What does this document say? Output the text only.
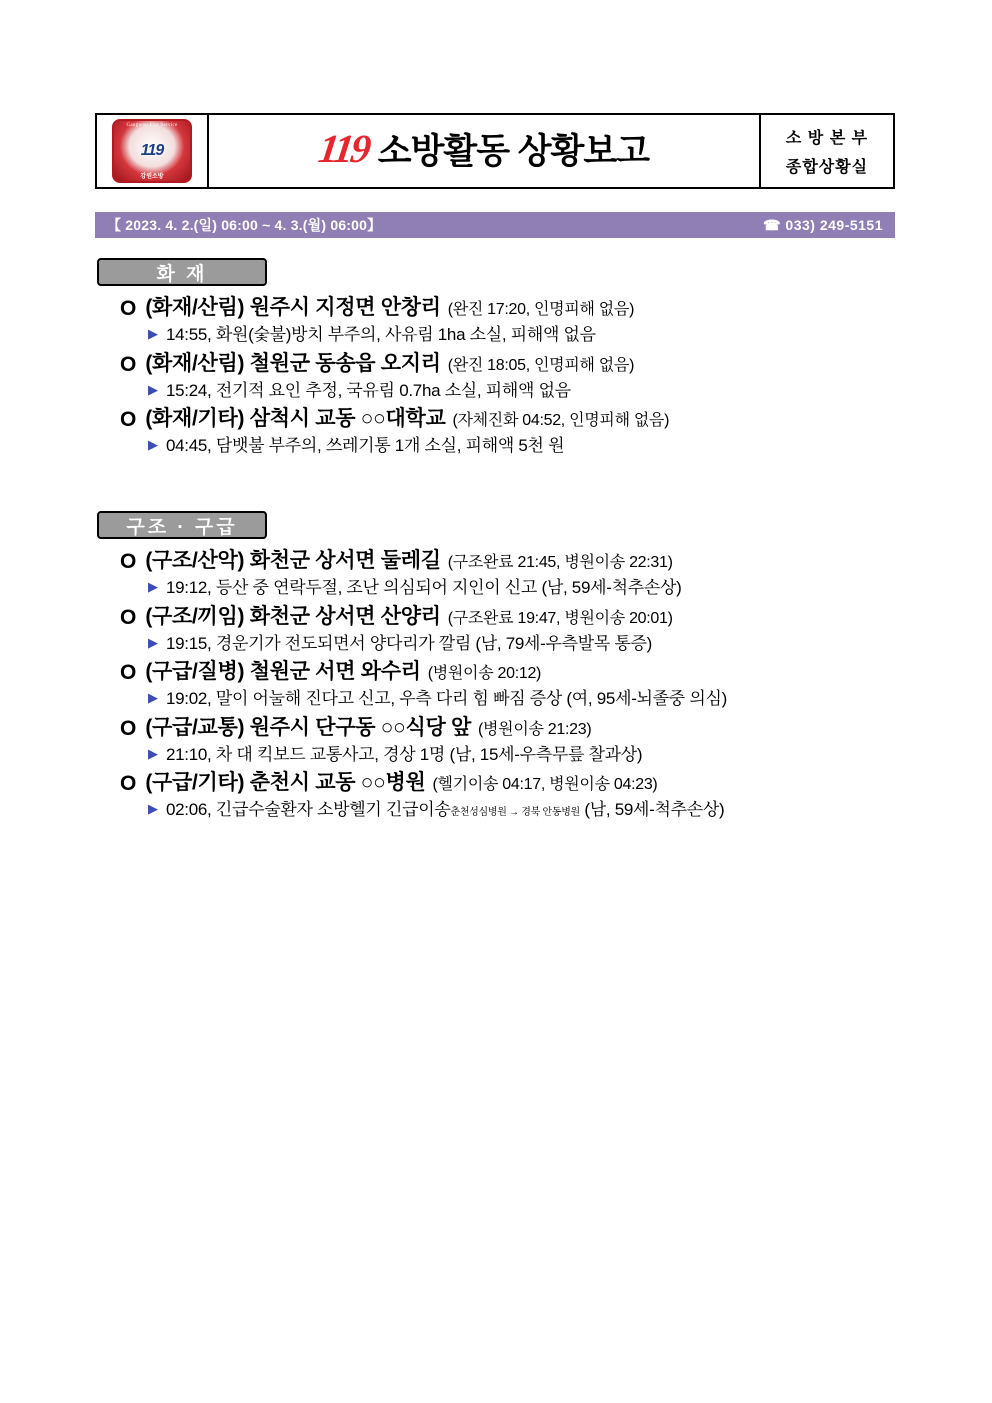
Gangwon Fire Service
119
강원소방
119 소방활동 상황보고	소 방 본 부
종합상황실
【 2023. 4. 2.(일) 06:00 ~ 4. 3.(월) 06:00】	☎ 033) 249-5151
화 재
O (화재/산림) 원주시 지정면 안창리 (완진 17:20, 인명피해 없음)
▶ 14:55, 화원(숯불)방치 부주의, 사유림 1ha 소실, 피해액 없음
O (화재/산림) 철원군 동송읍 오지리 (완진 18:05, 인명피해 없음)
▶ 15:24, 전기적 요인 추정, 국유림 0.7ha 소실, 피해액 없음
O (화재/기타) 삼척시 교동 ○○대학교 (자체진화 04:52, 인명피해 없음)
▶ 04:45, 담뱃불 부주의, 쓰레기통 1개 소실, 피해액 5천 원
구조 · 구급
O (구조/산악) 화천군 상서면 둘레길 (구조완료 21:45, 병원이송 22:31)
▶ 19:12, 등산 중 연락두절, 조난 의심되어 지인이 신고 (남, 59세-척추손상)
O (구조/끼임) 화천군 상서면 산양리 (구조완료 19:47, 병원이송 20:01)
▶ 19:15, 경운기가 전도되면서 양다리가 깔림 (남, 79세-우측발목 통증)
O (구급/질병) 철원군 서면 와수리 (병원이송 20:12)
▶ 19:02, 말이 어눌해 진다고 신고, 우측 다리 힘 빠짐 증상 (여, 95세-뇌졸중 의심)
O (구급/교통) 원주시 단구동 ○○식당 앞 (병원이송 21:23)
▶ 21:10, 차 대 킥보드 교통사고, 경상 1명 (남, 15세-우측무릎 찰과상)
O (구급/기타) 춘천시 교동 ○○병원 (헬기이송 04:17, 병원이송 04:23)
▶ 02:06, 긴급수술환자 소방헬기 긴급이송춘천성심병원 → 경북 안동병원 (남, 59세-척추손상)
